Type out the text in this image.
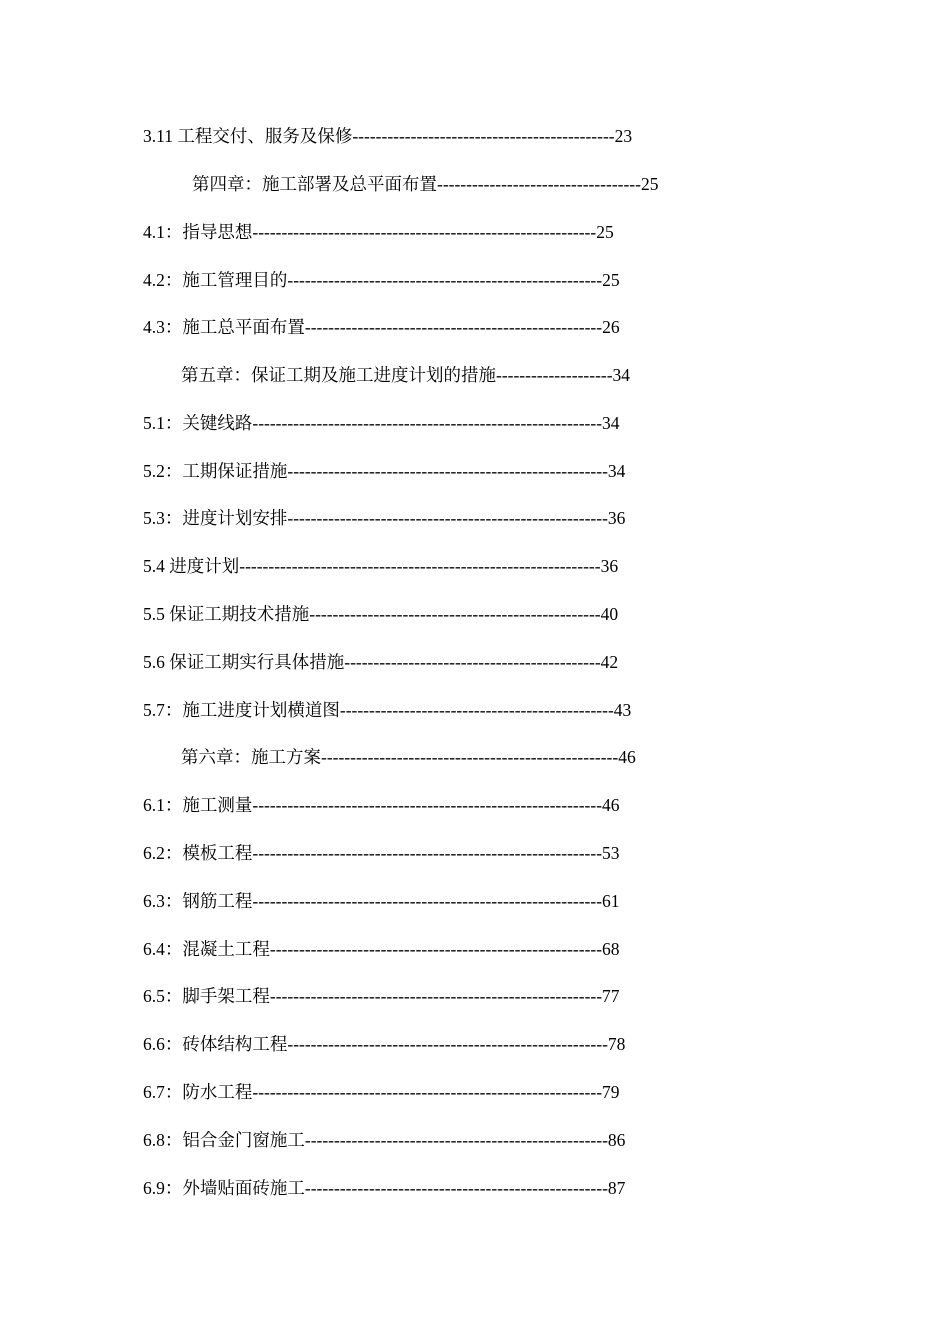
3.11 工程交付、服务及保修---------------------------------------------23
第四章：施工部署及总平面布置-----------------------------------25
4.1：指导思想-----------------------------------------------------------25
4.2：施工管理目的------------------------------------------------------25
4.3：施工总平面布置---------------------------------------------------26
第五章：保证工期及施工进度计划的措施--------------------34
5.1：关键线路------------------------------------------------------------34
5.2：工期保证措施-------------------------------------------------------34
5.3：进度计划安排-------------------------------------------------------36
5.4 进度计划--------------------------------------------------------------36
5.5 保证工期技术措施--------------------------------------------------40
5.6 保证工期实行具体措施--------------------------------------------42
5.7：施工进度计划横道图-----------------------------------------------43
第六章：施工方案---------------------------------------------------46
6.1：施工测量------------------------------------------------------------46
6.2：模板工程------------------------------------------------------------53
6.3：钢筋工程------------------------------------------------------------61
6.4：混凝土工程---------------------------------------------------------68
6.5：脚手架工程---------------------------------------------------------77
6.6：砖体结构工程-------------------------------------------------------78
6.7：防水工程------------------------------------------------------------79
6.8：铝合金门窗施工----------------------------------------------------86
6.9：外墙贴面砖施工----------------------------------------------------87
